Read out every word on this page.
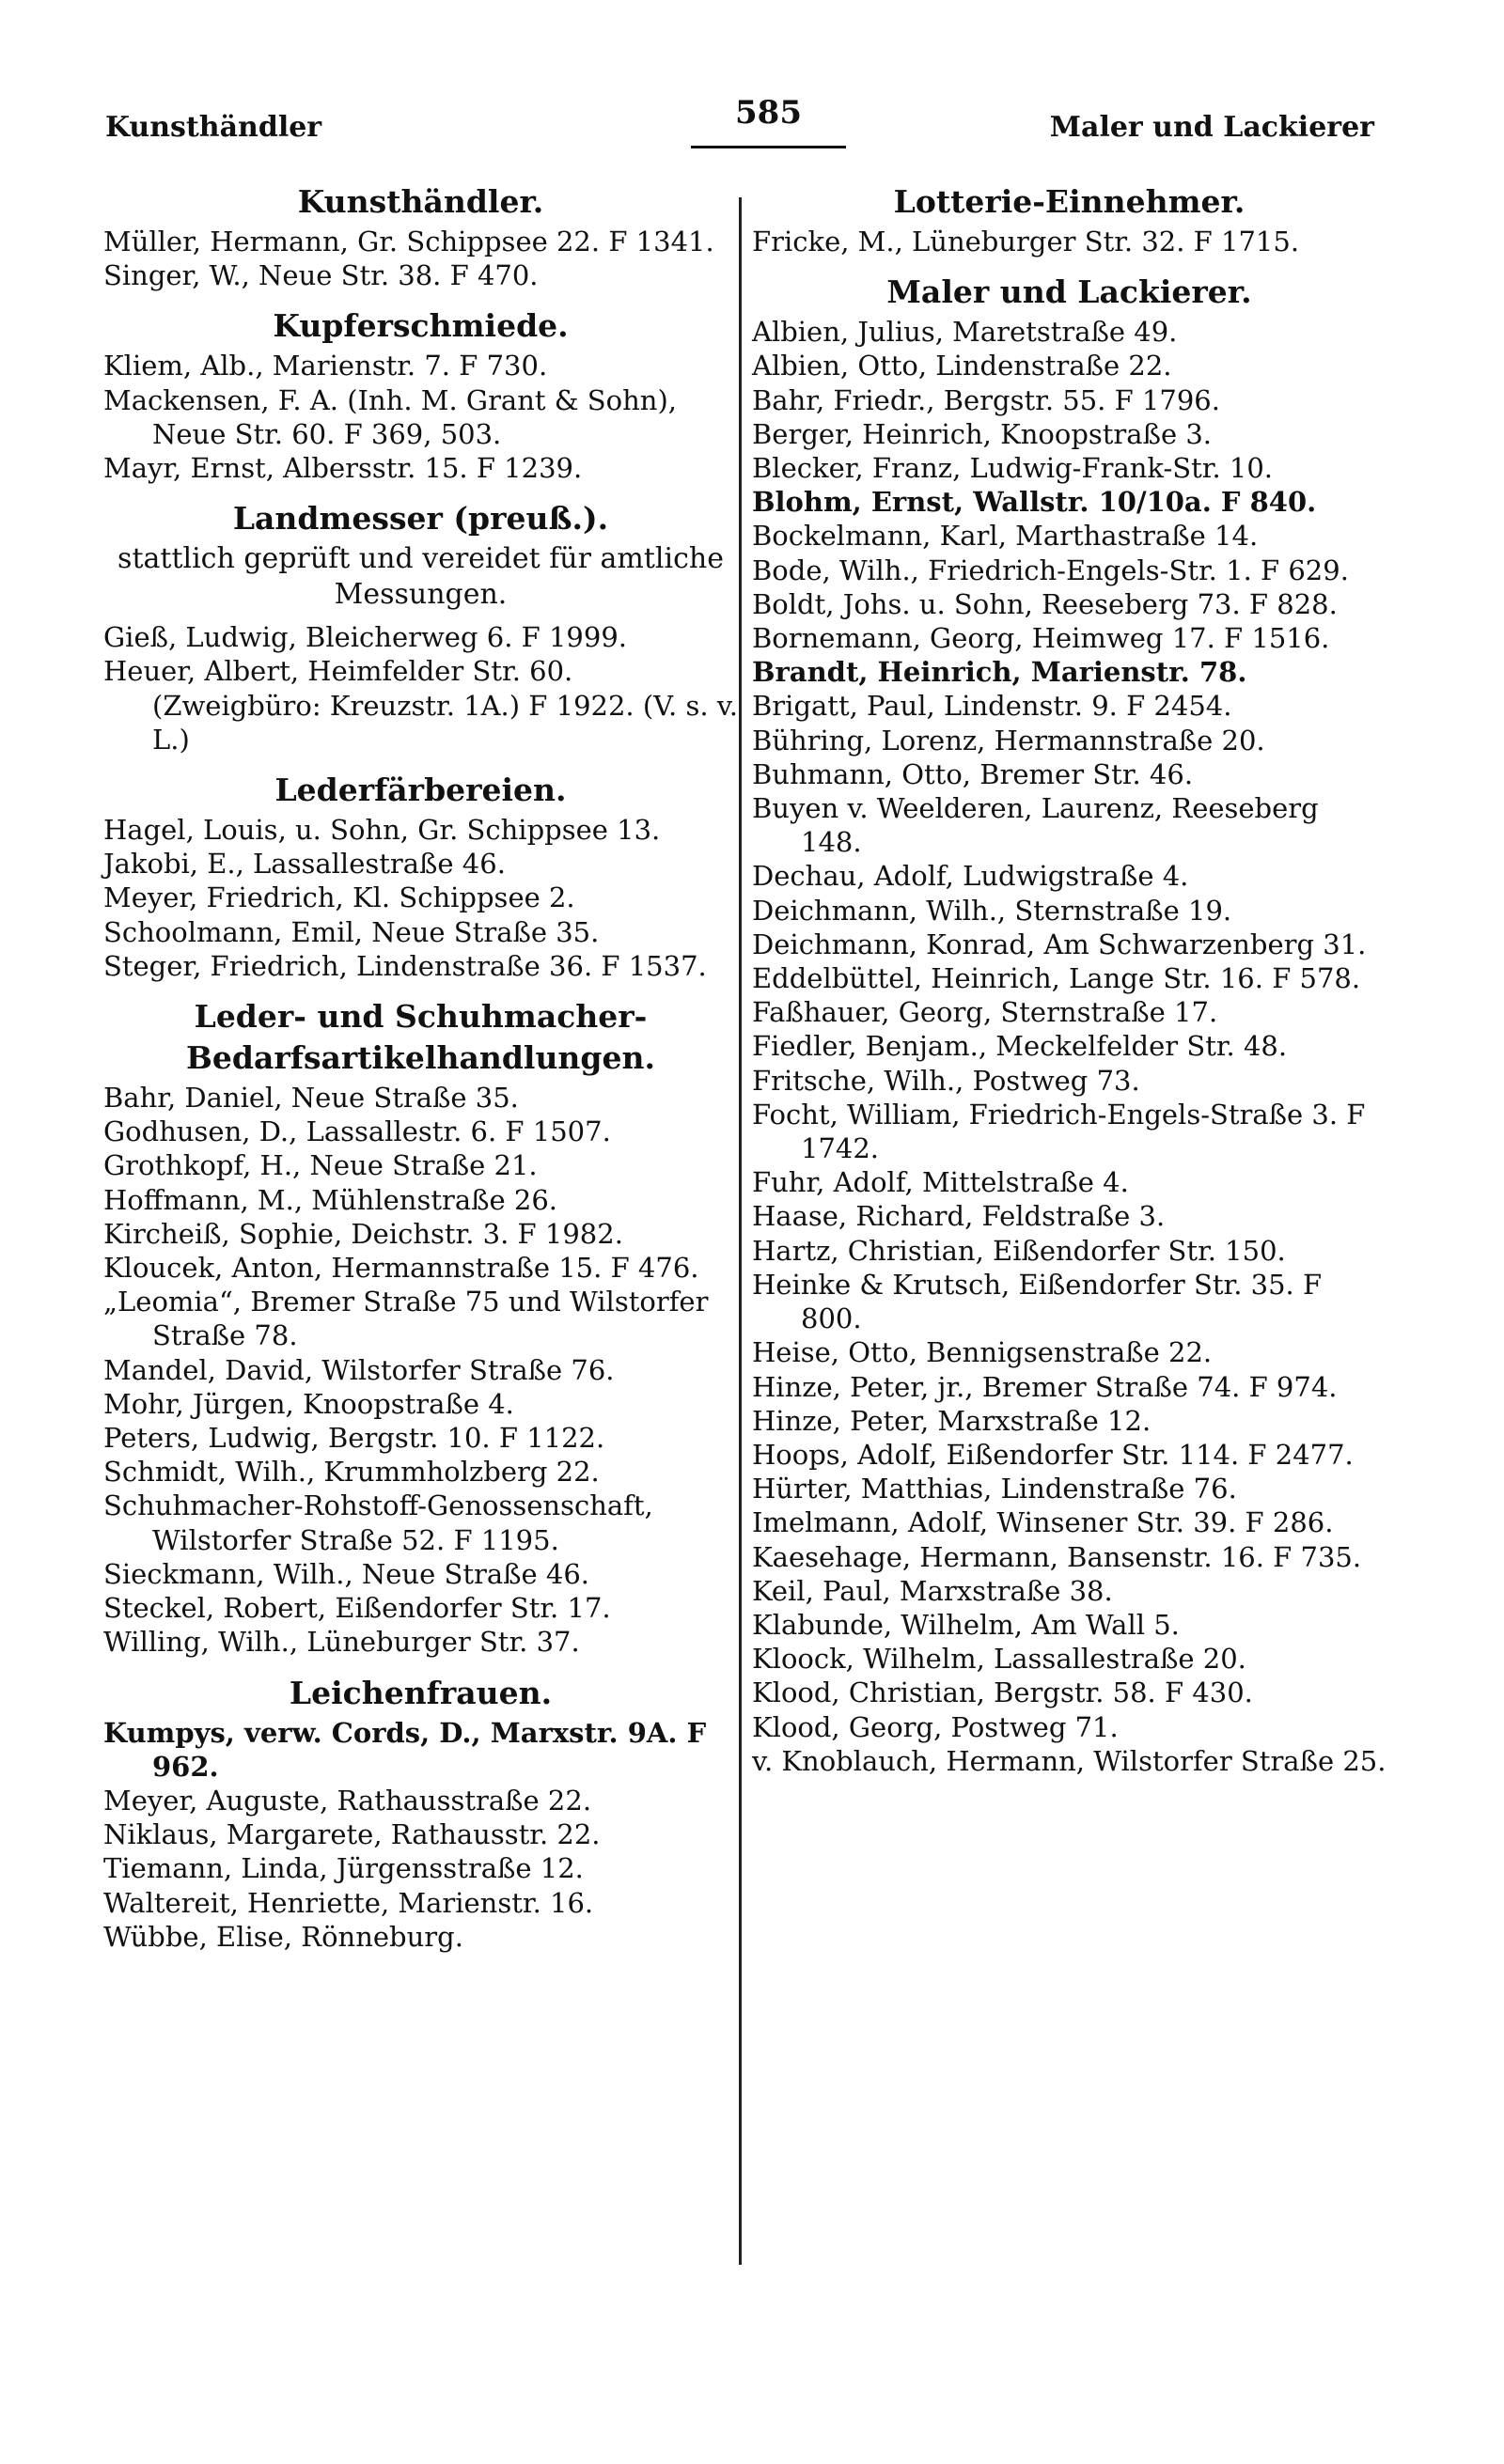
Kunsthändler	585	Maler und Lackierer
Kunsthändler.
Müller, Hermann, Gr. Schippsee 22. F 1341.
Singer, W., Neue Str. 38. F 470.
Kupferschmiede.
Kliem, Alb., Marienstr. 7. F 730.
Mackensen, F. A. (Inh. M. Grant & Sohn), Neue Str. 60. F 369, 503.
Mayr, Ernst, Albersstr. 15. F 1239.
Landmesser (preuß.).
stattlich geprüft und vereidet für amtliche Messungen.
Gieß, Ludwig, Bleicherweg 6. F 1999.
Heuer, Albert, Heimfelder Str. 60. (Zweigbüro: Kreuzstr. 1A.) F 1922. (V. s. v. L.)
Lederfärbereien.
Hagel, Louis, u. Sohn, Gr. Schippsee 13.
Jakobi, E., Lassallestraße 46.
Meyer, Friedrich, Kl. Schippsee 2.
Schoolmann, Emil, Neue Straße 35.
Steger, Friedrich, Lindenstraße 36. F 1537.
Leder- und Schuhmacher-
Bedarfsartikelhandlungen.
Bahr, Daniel, Neue Straße 35.
Godhusen, D., Lassallestr. 6. F 1507.
Grothkopf, H., Neue Straße 21.
Hoffmann, M., Mühlenstraße 26.
Kircheiß, Sophie, Deichstr. 3. F 1982.
Kloucek, Anton, Hermannstraße 15. F 476.
„Leomia“, Bremer Straße 75 und Wilstorfer Straße 78.
Mandel, David, Wilstorfer Straße 76.
Mohr, Jürgen, Knoopstraße 4.
Peters, Ludwig, Bergstr. 10. F 1122.
Schmidt, Wilh., Krummholzberg 22.
Schuhmacher-Rohstoff-Genossenschaft, Wilstorfer Straße 52. F 1195.
Sieckmann, Wilh., Neue Straße 46.
Steckel, Robert, Eißendorfer Str. 17.
Willing, Wilh., Lüneburger Str. 37.
Leichenfrauen.
Kumpys, verw. Cords, D., Marxstr. 9A. F 962.
Meyer, Auguste, Rathausstraße 22.
Niklaus, Margarete, Rathausstr. 22.
Tiemann, Linda, Jürgensstraße 12.
Waltereit, Henriette, Marienstr. 16.
Wübbe, Elise, Rönneburg.
Lotterie-Einnehmer.
Fricke, M., Lüneburger Str. 32. F 1715.
Maler und Lackierer.
Albien, Julius, Maretstraße 49.
Albien, Otto, Lindenstraße 22.
Bahr, Friedr., Bergstr. 55. F 1796.
Berger, Heinrich, Knoopstraße 3.
Blecker, Franz, Ludwig-Frank-Str. 10.
Blohm, Ernst, Wallstr. 10/10a. F 840.
Bockelmann, Karl, Marthastraße 14.
Bode, Wilh., Friedrich-Engels-Str. 1. F 629.
Boldt, Johs. u. Sohn, Reeseberg 73. F 828.
Bornemann, Georg, Heimweg 17. F 1516.
Brandt, Heinrich, Marienstr. 78.
Brigatt, Paul, Lindenstr. 9. F 2454.
Bühring, Lorenz, Hermannstraße 20.
Buhmann, Otto, Bremer Str. 46.
Buyen v. Weelderen, Laurenz, Reeseberg 148.
Dechau, Adolf, Ludwigstraße 4.
Deichmann, Wilh., Sternstraße 19.
Deichmann, Konrad, Am Schwarzenberg 31.
Eddelbüttel, Heinrich, Lange Str. 16. F 578.
Faßhauer, Georg, Sternstraße 17.
Fiedler, Benjam., Meckelfelder Str. 48.
Fritsche, Wilh., Postweg 73.
Focht, William, Friedrich-Engels-Straße 3. F 1742.
Fuhr, Adolf, Mittelstraße 4.
Haase, Richard, Feldstraße 3.
Hartz, Christian, Eißendorfer Str. 150.
Heinke & Krutsch, Eißendorfer Str. 35. F 800.
Heise, Otto, Bennigsenstraße 22.
Hinze, Peter, jr., Bremer Straße 74. F 974.
Hinze, Peter, Marxstraße 12.
Hoops, Adolf, Eißendorfer Str. 114. F 2477.
Hürter, Matthias, Lindenstraße 76.
Imelmann, Adolf, Winsener Str. 39. F 286.
Kaesehage, Hermann, Bansenstr. 16. F 735.
Keil, Paul, Marxstraße 38.
Klabunde, Wilhelm, Am Wall 5.
Kloock, Wilhelm, Lassallestraße 20.
Klood, Christian, Bergstr. 58. F 430.
Klood, Georg, Postweg 71.
v. Knoblauch, Hermann, Wilstorfer Straße 25.
